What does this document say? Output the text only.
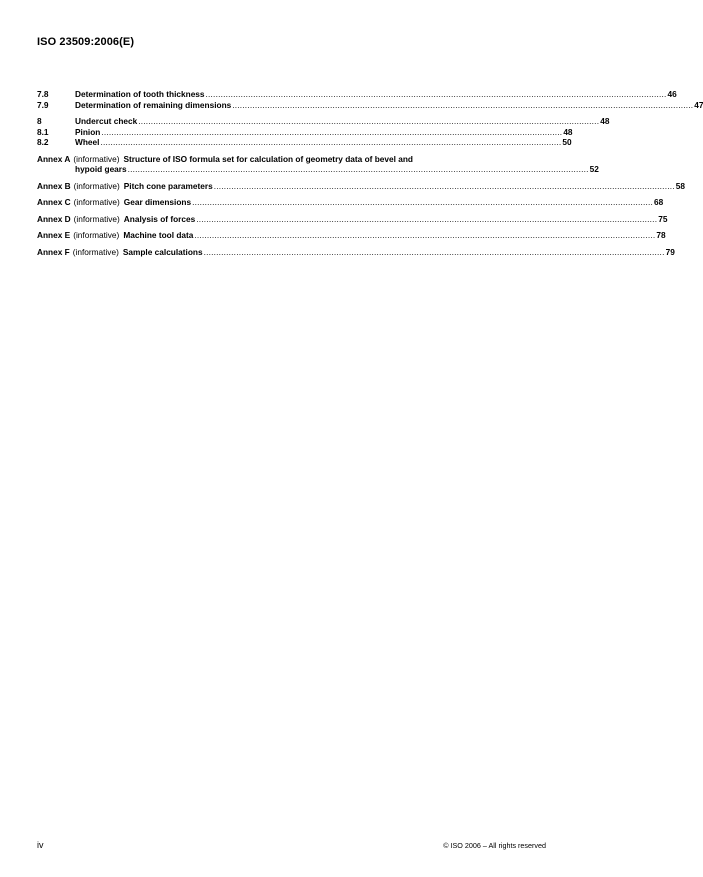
ISO 23509:2006(E)
7.8	Determination of tooth thickness ........................................................................................................................................................................................ 46
7.9	Determination of remaining dimensions ........................................................................................................................................................................................ 47
8	Undercut check ........................................................................................................................................................................................ 48
8.1	Pinion ........................................................................................................................................................................................ 48
8.2	Wheel ........................................................................................................................................................................................ 50
Annex A (informative) Structure of ISO formula set for calculation of geometry data of bevel and
hypoid gears ........................................................................................................................................................................................ 52
Annex B (informative) Pitch cone parameters ........................................................................................................................................................................................ 58
Annex C (informative) Gear dimensions ........................................................................................................................................................................................ 68
Annex D (informative) Analysis of forces ........................................................................................................................................................................................ 75
Annex E (informative) Machine tool data ........................................................................................................................................................................................ 78
Annex F (informative) Sample calculations ........................................................................................................................................................................................ 79
iv	© ISO 2006 – All rights reserved
